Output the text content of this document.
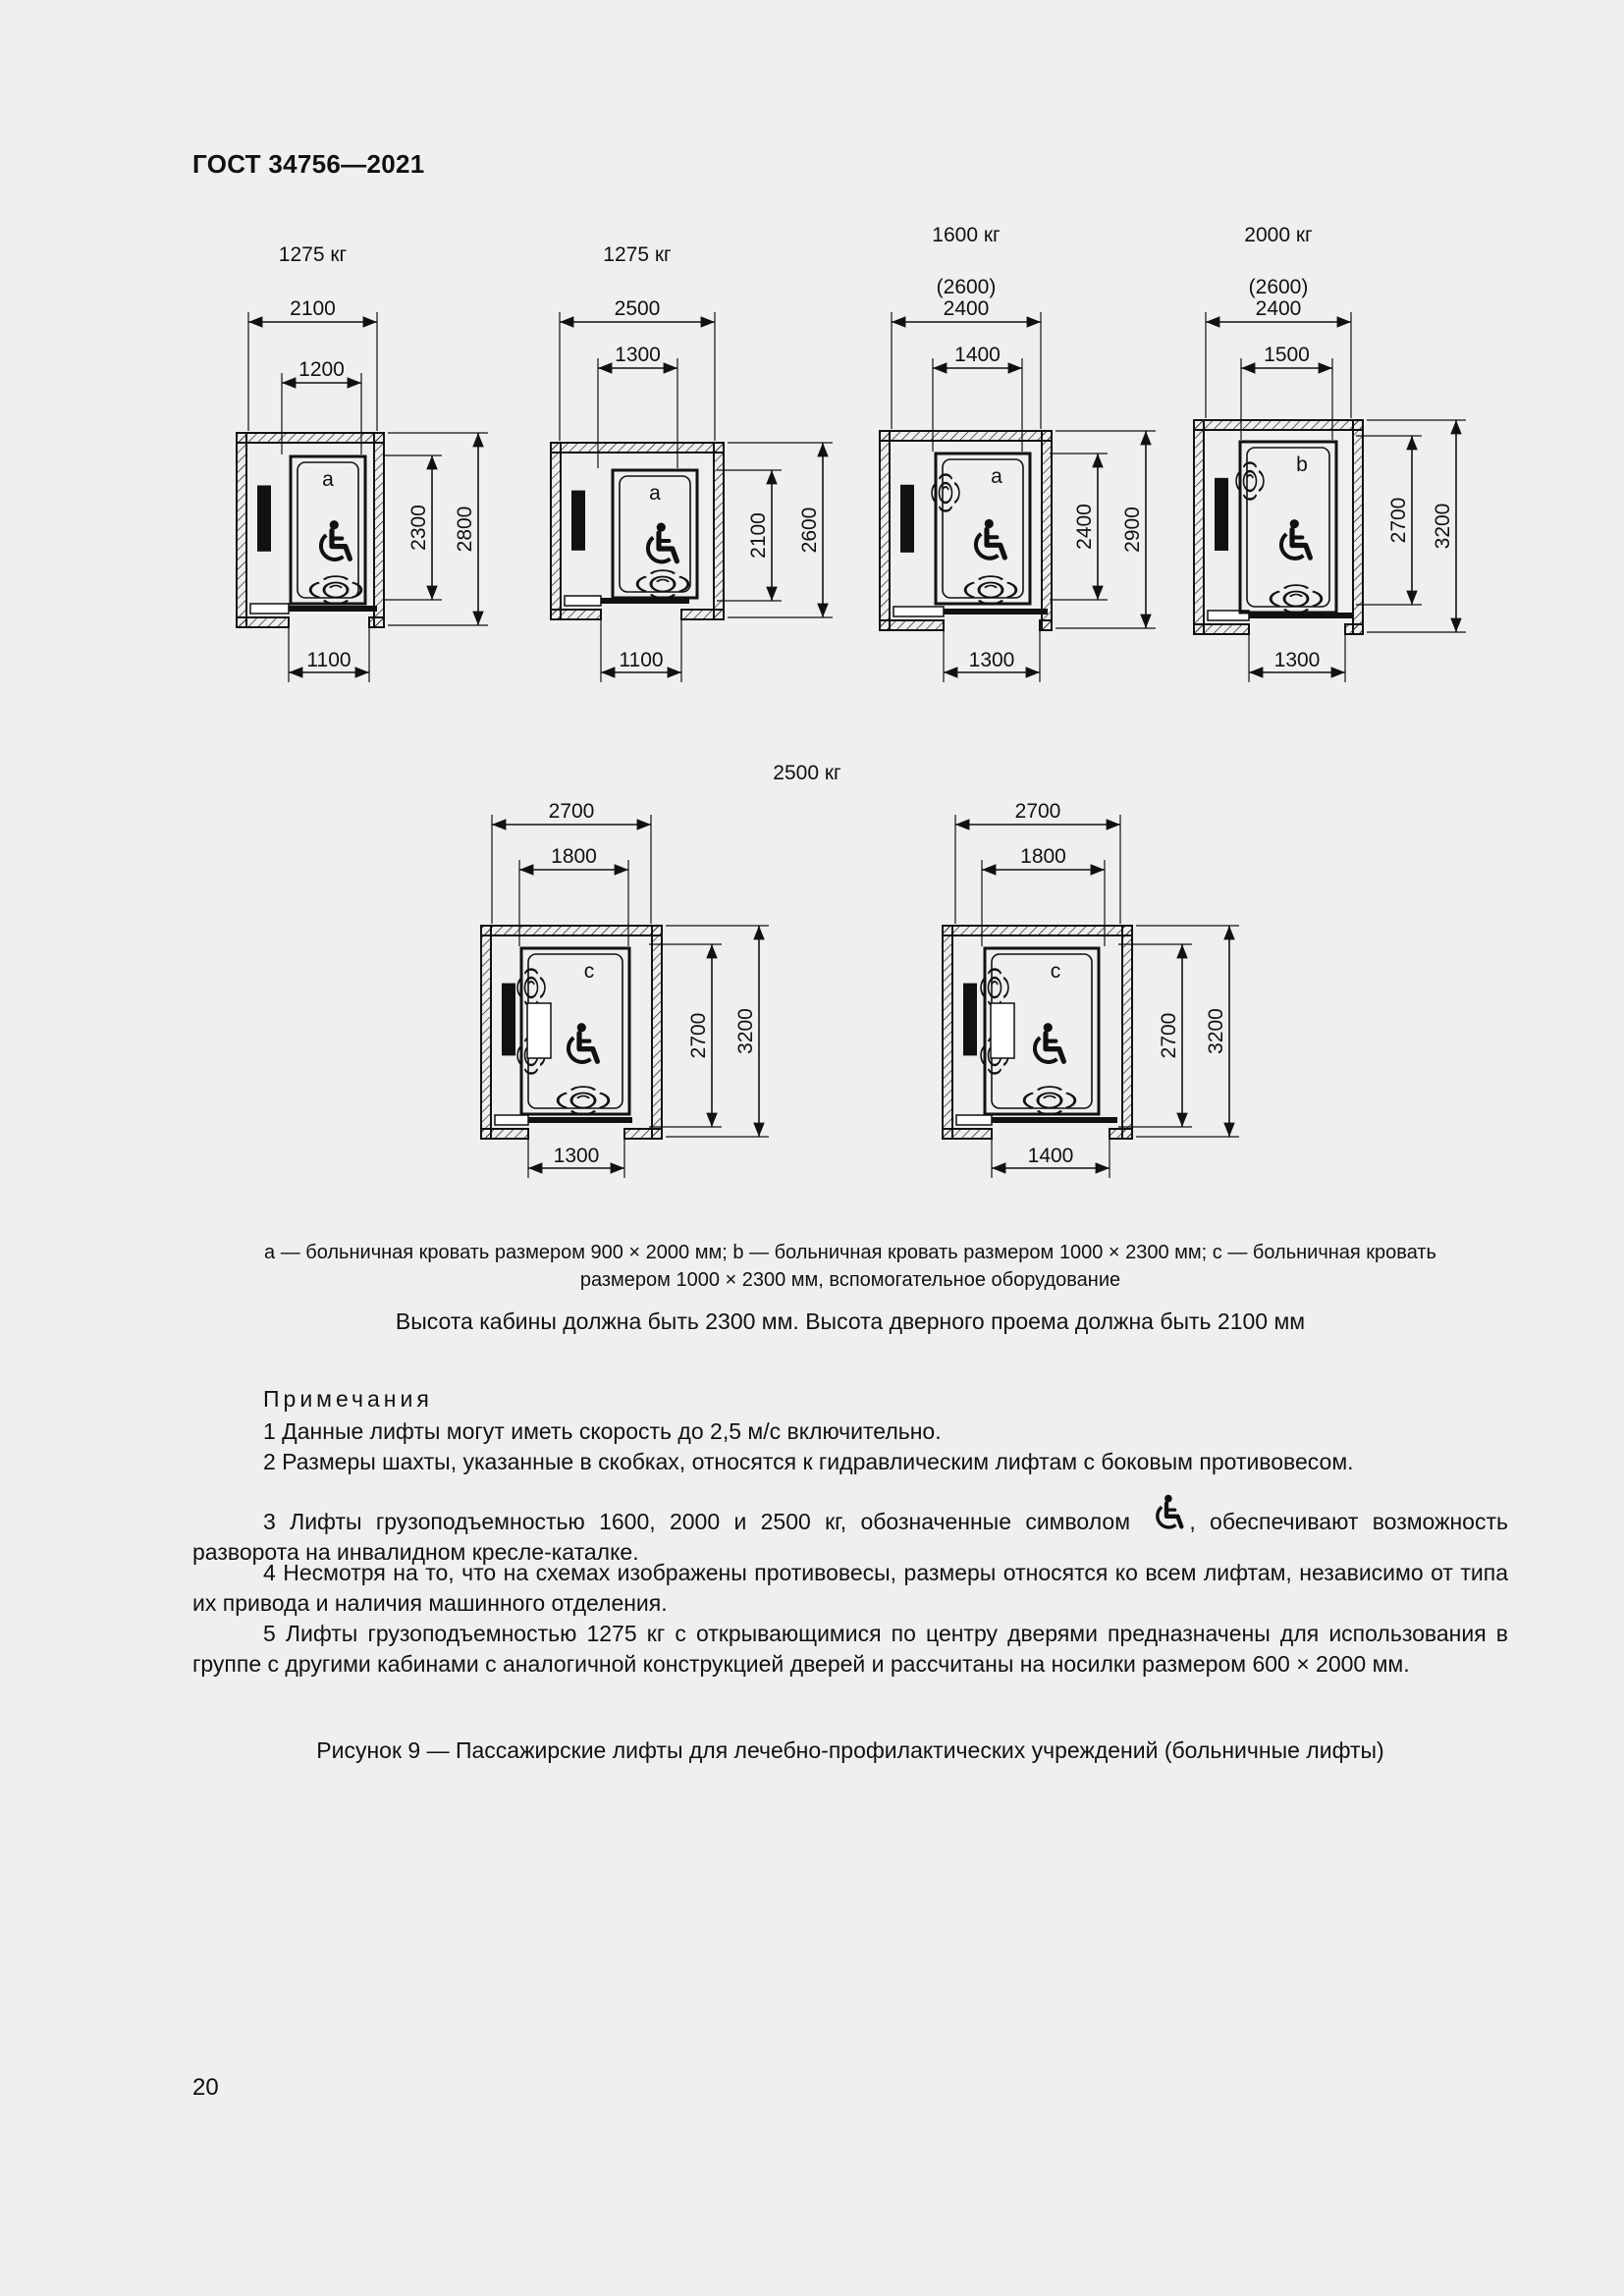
ГОСТ 34756—2021
1275 кг
a
2100
1200
2300 2800
1100
1275 кг
a
2500
1300
2100 2600
1100
1600 кг
(2600)
a
2400
1400
2400 2900
1300
2000 кг
(2600)
b
2400
1500
2700 3200
1300
c
2700
1800
2700 3200
1300
c
2700
1800
2700 3200
1400
2500 кг
a — больничная кровать размером 900 × 2000 мм; b — больничная кровать размером 1000 × 2300 мм; c — больничная кровать
размером 1000 × 2300 мм, вспомогательное оборудование
Высота кабины должна быть 2300 мм. Высота дверного проема должна быть 2100 мм
Примечания
1 Данные лифты могут иметь скорость до 2,5 м/с включительно.
2 Размеры шахты, указанные в скобках, относятся к гидравлическим лифтам с боковым противовесом.
3 Лифты грузоподъемностью 1600, 2000 и 2500 кг, обозначенные символом , обеспечивают возможность разворота на инвалидном кресле-каталке.
4 Несмотря на то, что на схемах изображены противовесы, размеры относятся ко всем лифтам, независимо от типа их привода и наличия машинного отделения.
5 Лифты грузоподъемностью 1275 кг с открывающимися по центру дверями предназначены для использования в группе с другими кабинами с аналогичной конструкцией дверей и рассчитаны на носилки размером 600 × 2000 мм.
Рисунок 9 — Пассажирские лифты для лечебно-профилактических учреждений (больничные лифты)
20
